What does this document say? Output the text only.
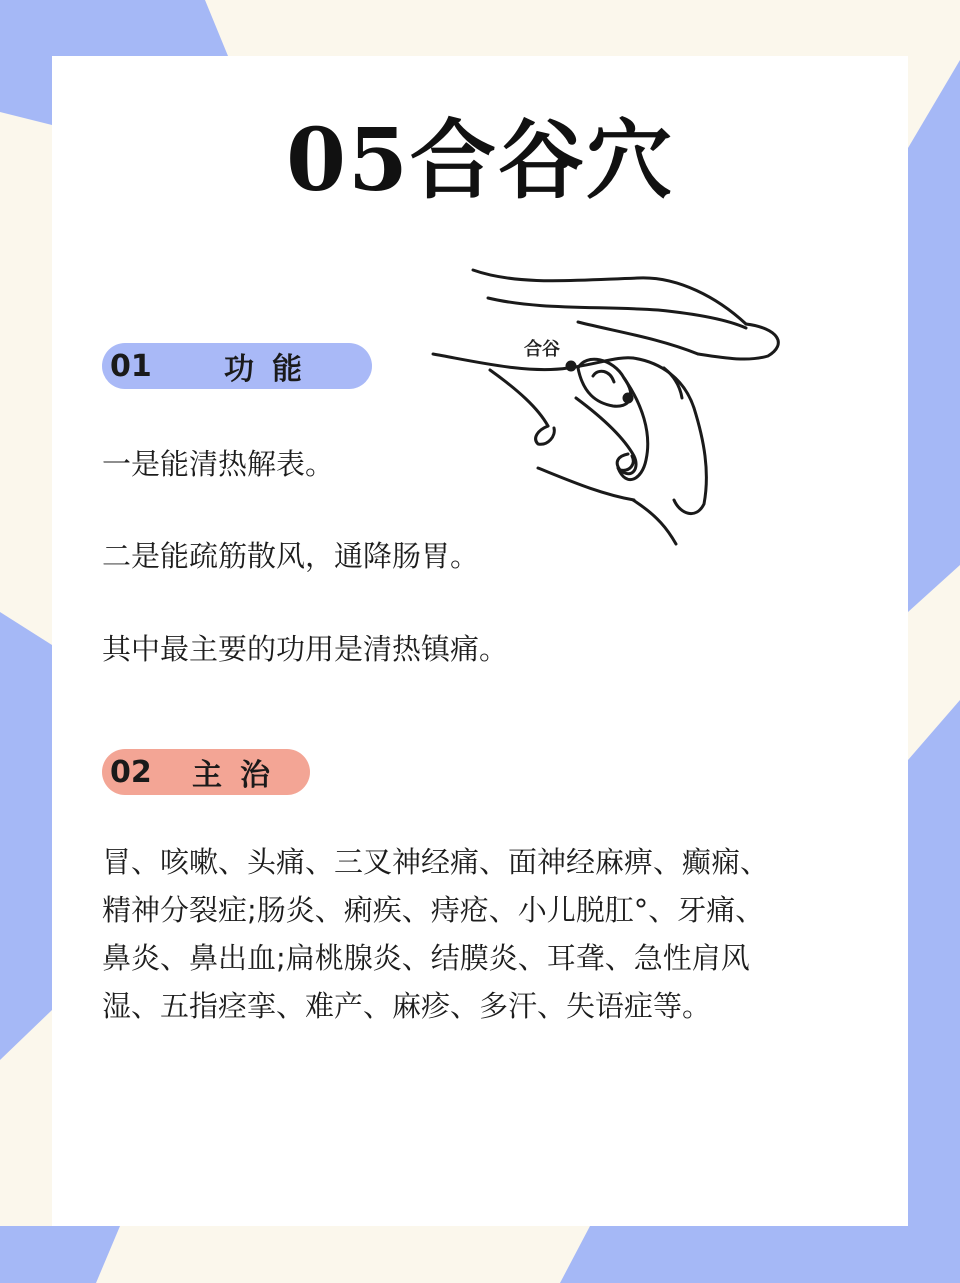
05合谷穴
合谷
01	功能
一是能清热解表。
二是能疏筋散风，通降肠胃。
其中最主要的功用是清热镇痛。
02	主治
冒、咳嗽、头痛、三叉神经痛、面神经麻痹、癫痫、
精神分裂症;肠炎、痢疾、痔疮、小儿脱肛°、牙痛、
鼻炎、鼻出血;扁桃腺炎、结膜炎、耳聋、急性肩风
湿、五指痉挛、难产、麻疹、多汗、失语症等。
